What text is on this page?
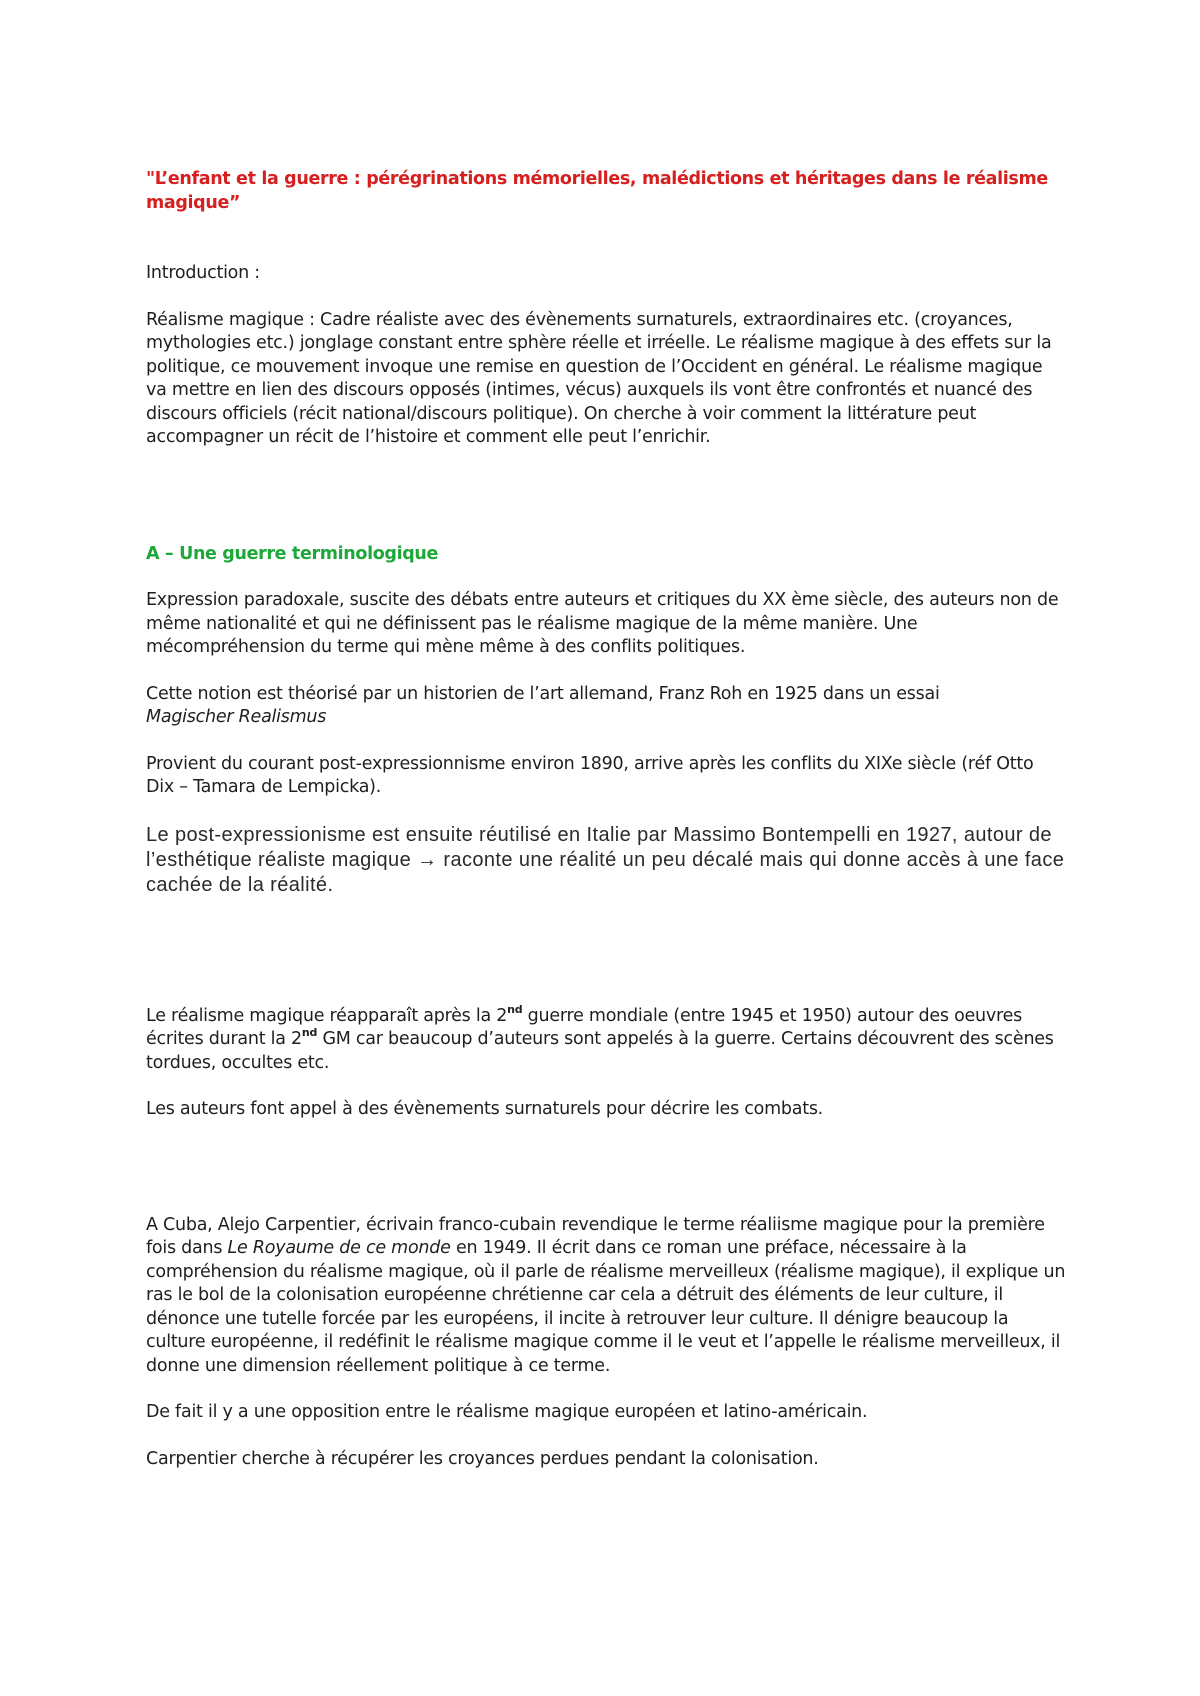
"L’enfant et la guerre : pérégrinations mémorielles, malédictions et héritages dans le réalisme magique”

Introduction :

Réalisme magique : Cadre réaliste avec des évènements surnaturels, extraordinaires etc. (croyances, mythologies etc.) jonglage constant entre sphère réelle et irréelle. Le réalisme magique à des effets sur la politique, ce mouvement invoque une remise en question de l’Occident en général. Le réalisme magique va mettre en lien des discours opposés (intimes, vécus) auxquels ils vont être confrontés et nuancé des discours officiels (récit national/discours politique). On cherche à voir comment la littérature peut accompagner un récit de l’histoire et comment elle peut l’enrichir.

A – Une guerre terminologique

Expression paradoxale, suscite des débats entre auteurs et critiques du XX ème siècle, des auteurs non de même nationalité et qui ne définissent pas le réalisme magique de la même manière. Une mécompréhension du terme qui mène même à des conflits politiques.

Cette notion est théorisé par un historien de l’art allemand, Franz Roh en 1925 dans un essai
Magischer Realismus

Provient du courant post-expressionnisme environ 1890, arrive après les conflits du XIXe siècle (réf Otto Dix – Tamara de Lempicka).

Le post-expressionisme est ensuite réutilisé en Italie par Massimo Bontempelli en 1927, autour de l’esthétique réaliste magique → raconte une réalité un peu décalé mais qui donne accès à une face cachée de la réalité.

Le réalisme magique réapparaît après la 2nd guerre mondiale (entre 1945 et 1950) autour des oeuvres écrites durant la 2nd GM car beaucoup d’auteurs sont appelés à la guerre. Certains découvrent des scènes tordues, occultes etc.

Les auteurs font appel à des évènements surnaturels pour décrire les combats.

A Cuba, Alejo Carpentier, écrivain franco-cubain revendique le terme réaliisme magique pour la première fois dans Le Royaume de ce monde en 1949. Il écrit dans ce roman une préface, nécessaire à la compréhension du réalisme magique, où il parle de réalisme merveilleux (réalisme magique), il explique un ras le bol de la colonisation européenne chrétienne car cela a détruit des éléments de leur culture, il dénonce une tutelle forcée par les européens, il incite à retrouver leur culture. Il dénigre beaucoup la culture européenne, il redéfinit le réalisme magique comme il le veut et l’appelle le réalisme merveilleux, il donne une dimension réellement politique à ce terme.

De fait il y a une opposition entre le réalisme magique européen et latino-américain.

Carpentier cherche à récupérer les croyances perdues pendant la colonisation.
